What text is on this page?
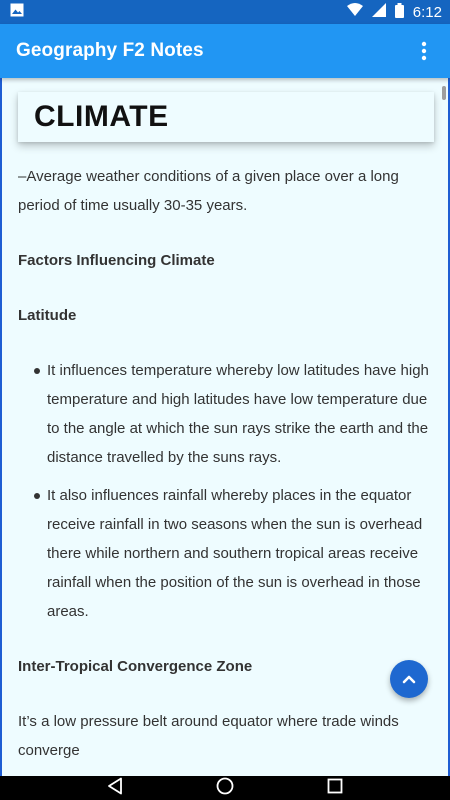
6:12
Geography F2 Notes
CLIMATE

–Average weather conditions of a given place over a long period of time usually 30-35 years.

Factors Influencing Climate

Latitude

It influences temperature whereby low latitudes have high temperature and high latitudes have low temperature due to the angle at which the sun rays strike the earth and the distance travelled by the suns rays.
It also influences rainfall whereby places in the equator receive rainfall in two seasons when the sun is overhead there while northern and southern tropical areas receive rainfall when the position of the sun is overhead in those areas.

Inter-Tropical Convergence Zone

It’s a low pressure belt around equator where trade winds converge
